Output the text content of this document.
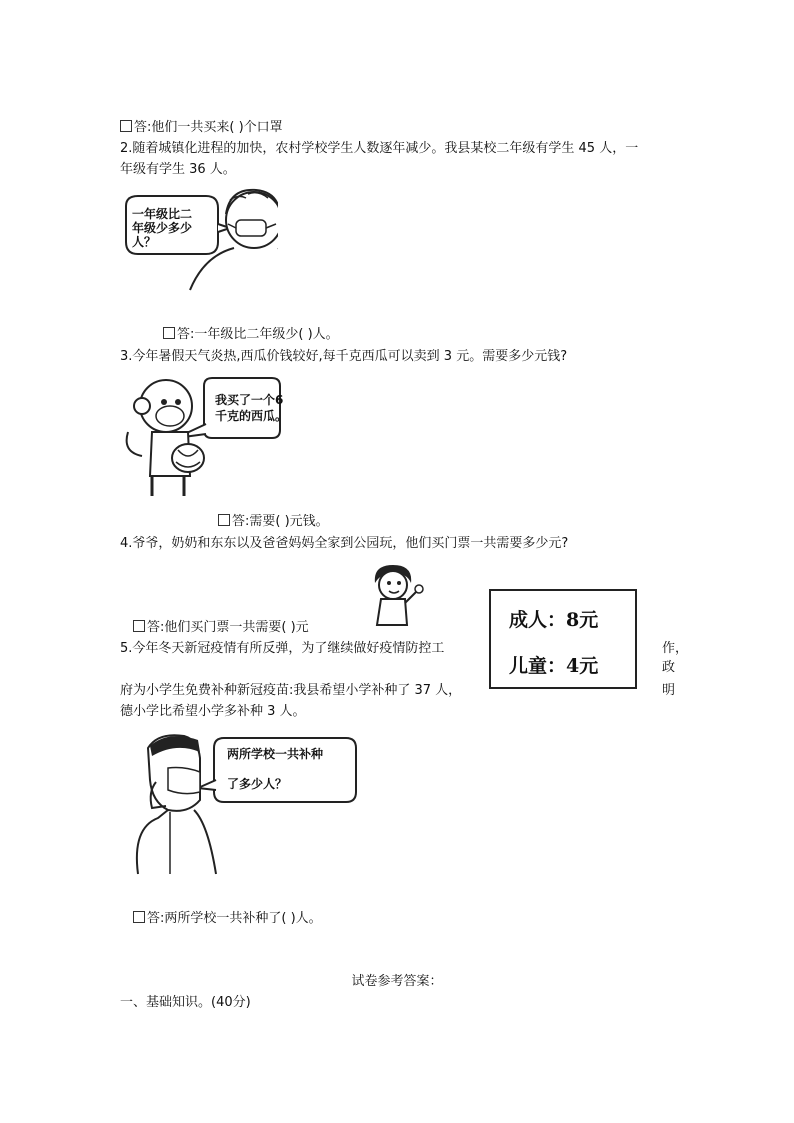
答:他们一共买来( )个口罩
2.随着城镇化进程的加快，农村学校学生人数逐年减少。我县某校二年级有学生 45 人，一
年级有学生 36 人。
一年级比二
年级少多少
人？
答:一年级比二年级少( )人。
3.今年暑假天气炎热,西瓜价钱较好,每千克西瓜可以卖到 3 元。需要多少元钱?
我买了一个6
千克的西瓜。
答:需要( )元钱。
4.爷爷，奶奶和东东以及爸爸妈妈全家到公园玩，他们买门票一共需要多少元?
成人：8元
儿童：4元
答:他们买门票一共需要( )元
5.今年冬天新冠疫情有所反弹，为了继续做好疫情防控工	作，
政
府为小学生免费补种新冠疫苗:我县希望小学补种了 37 人，	明
德小学比希望小学多补种 3 人。
两所学校一共补种
了多少人？
答:两所学校一共补种了( )人。
试卷参考答案：
一、基础知识。(40分)
